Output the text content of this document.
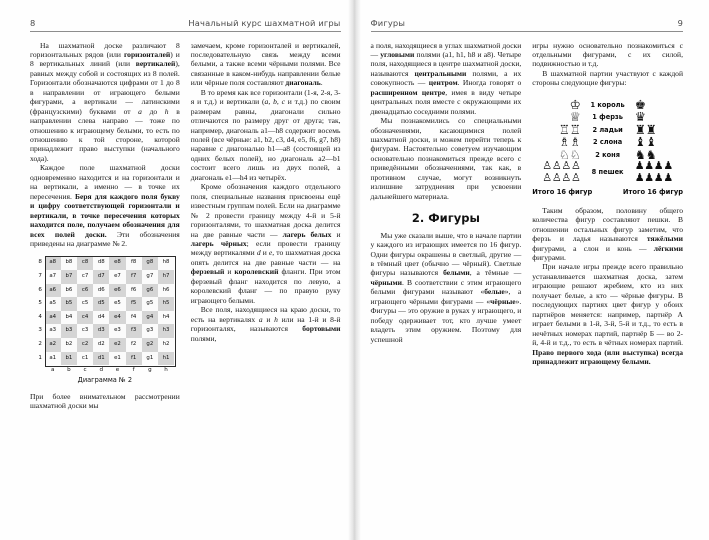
8	Начальный курс шахматной игры

На шахматной доске различают 8 горизонтальных рядов (или горизонталей) и 8 вертикальных линий (или вертикалей), равных между собой и состоящих из 8 полей. Горизонтали обозначаются цифрами от 1 до 8 в направлении от играющего белыми фигурами, а вертикали — латинскими (французскими) буквами от a до h в направлении слева направо — тоже по отношению к играющему белыми, то есть по отношению к той стороне, которой принадлежит право выступки (начального хода).

Каждое поле шахматной доски одновременно находится и на горизонтали и на вертикали, а именно — в точке их пересечения. Беря для каждого поля букву и цифру соответствующей горизонтали и вертикали, в точке пересечения которых находится поле, получаем обозначения для всех полей доски. Эти обозначения приведены на диаграмме № 2.

8	a8	b8	c8	d8	e8	f8	g8	h8
7	a7	b7	c7	d7	e7	f7	g7	h7
6	a6	b6	c6	d6	e6	f6	g6	h6
5	a5	b5	c5	d5	e5	f5	g5	h5
4	a4	b4	c4	d4	e4	f4	g4	h4
3	a3	b3	c3	d3	e3	f3	g3	h3
2	a2	b2	c2	d2	e2	f2	g2	h2
1	a1	b1	c1	d1	e1	f1	g1	h1
a	b	c	d	e	f	g	h
Диаграмма № 2

При более внимательном рассмотрении шахматной доски мы

замечаем, кроме горизонталей и вертикалей, последовательную связь между всеми белыми, а также всеми чёрными полями. Все связанные в каком-нибудь направлении белые или чёрные поля составляют диагональ.

В то время как все горизонтали (1-я, 2-я, 3-я и т.д.) и вертикали (a, b, c и т.д.) по своим размерам равны, диагонали сильно отличаются по размеру друг от друга; так, например, диагональ a1—h8 содержит восемь полей (все чёрные: a1, b2, c3, d4, e5, f6, g7, h8) наравне с диагональю h1—a8 (состоящей из одних белых полей), но диагональ a2—b1 состоит всего лишь из двух полей, а диагональ e1—h4 из четырёх.

Кроме обозначения каждого отдельного поля, специальные названия присвоены ещё известным группам полей. Если на диаграмме № 2 провести границу между 4-й и 5-й горизонталями, то шахматная доска делится на две равные части — лагерь белых и лагерь чёрных; если провести границу между вертикалями d и e, то шахматная доска опять делится на две равные части — на ферзевый и королевский фланги. При этом ферзевый фланг находится по левую, а королевский фланг — по правую руку играющего белыми.

Все поля, находящиеся на краю доски, то есть на вертикалях a и h или на 1-й и 8-й горизонталях, называются бортовыми полями,

Фигуры	9

а поля, находящиеся в углах шахматной доски — угловыми полями (a1, h1, h8 и a8). Четыре поля, находящиеся в центре шахматной доски, называются центральными полями, а их совокупность — центром. Иногда говорят о расширенном центре, имея в виду четыре центральных поля вместе с окружающими их двенадцатью соседними полями.

Мы познакомились со специальными обозначениями, касающимися полей шахматной доски, и можем перейти теперь к фигурам. Настоятельно советуем изучающим основательно познакомиться прежде всего с приведёнными обозначениями, так как, в противном случае, могут возникнуть излишние затруднения при усвоении дальнейшего материала.

2. Фигуры

Мы уже сказали выше, что в начале партии у каждого из играющих имеется по 16 фигур. Одни фигуры окрашены в светлый, другие — в тёмный цвет (обычно — чёрный). Светлые фигуры называются белыми, а тёмные — чёрными. В соответствии с этим играющего белыми фигурами называют «белые», а играющего чёрными фигурами — «чёрные». Фигуры — это оружие в руках у играющего, и победу одерживает тот, кто лучше умеет владеть этим оружием. Поэтому для успешной

игры нужно основательно познакомиться с отдельными фигурами, с их силой, подвижностью и т.д.

В шахматной партии участвуют с каждой стороны следующие фигуры:

♔	1 король	♚
♕	1 ферзь	♛
♖♖	2 ладьи	♜♜
♗♗	2 слона	♝♝
♘♘	2 коня	♞♞

♙♙♙♙
♙♙♙♙	8 пешек	♟♟♟♟
♟♟♟♟
Итого 16 фигур	Итого 16 фигур

Таким образом, половину общего количества фигур составляют пешки. В отношении остальных фигур заметим, что ферзь и ладья называются тяжёлыми фигурами, а слон и конь — лёгкими фигурами.

При начале игры прежде всего правильно устанавливается шахматная доска, затем играющие решают жребием, кто из них получает белые, а кто — чёрные фигуры. В последующих партиях цвет фигур у обоих партнёров меняется: например, партнёр А играет белыми в 1-й, 3-й, 5-й и т.д., то есть в нечётных номерах партий, партнёр Б — во 2-й, 4-й и т.д., то есть в чётных номерах партий. Право первого хода (или выступка) всегда принадлежит играющему белыми.
